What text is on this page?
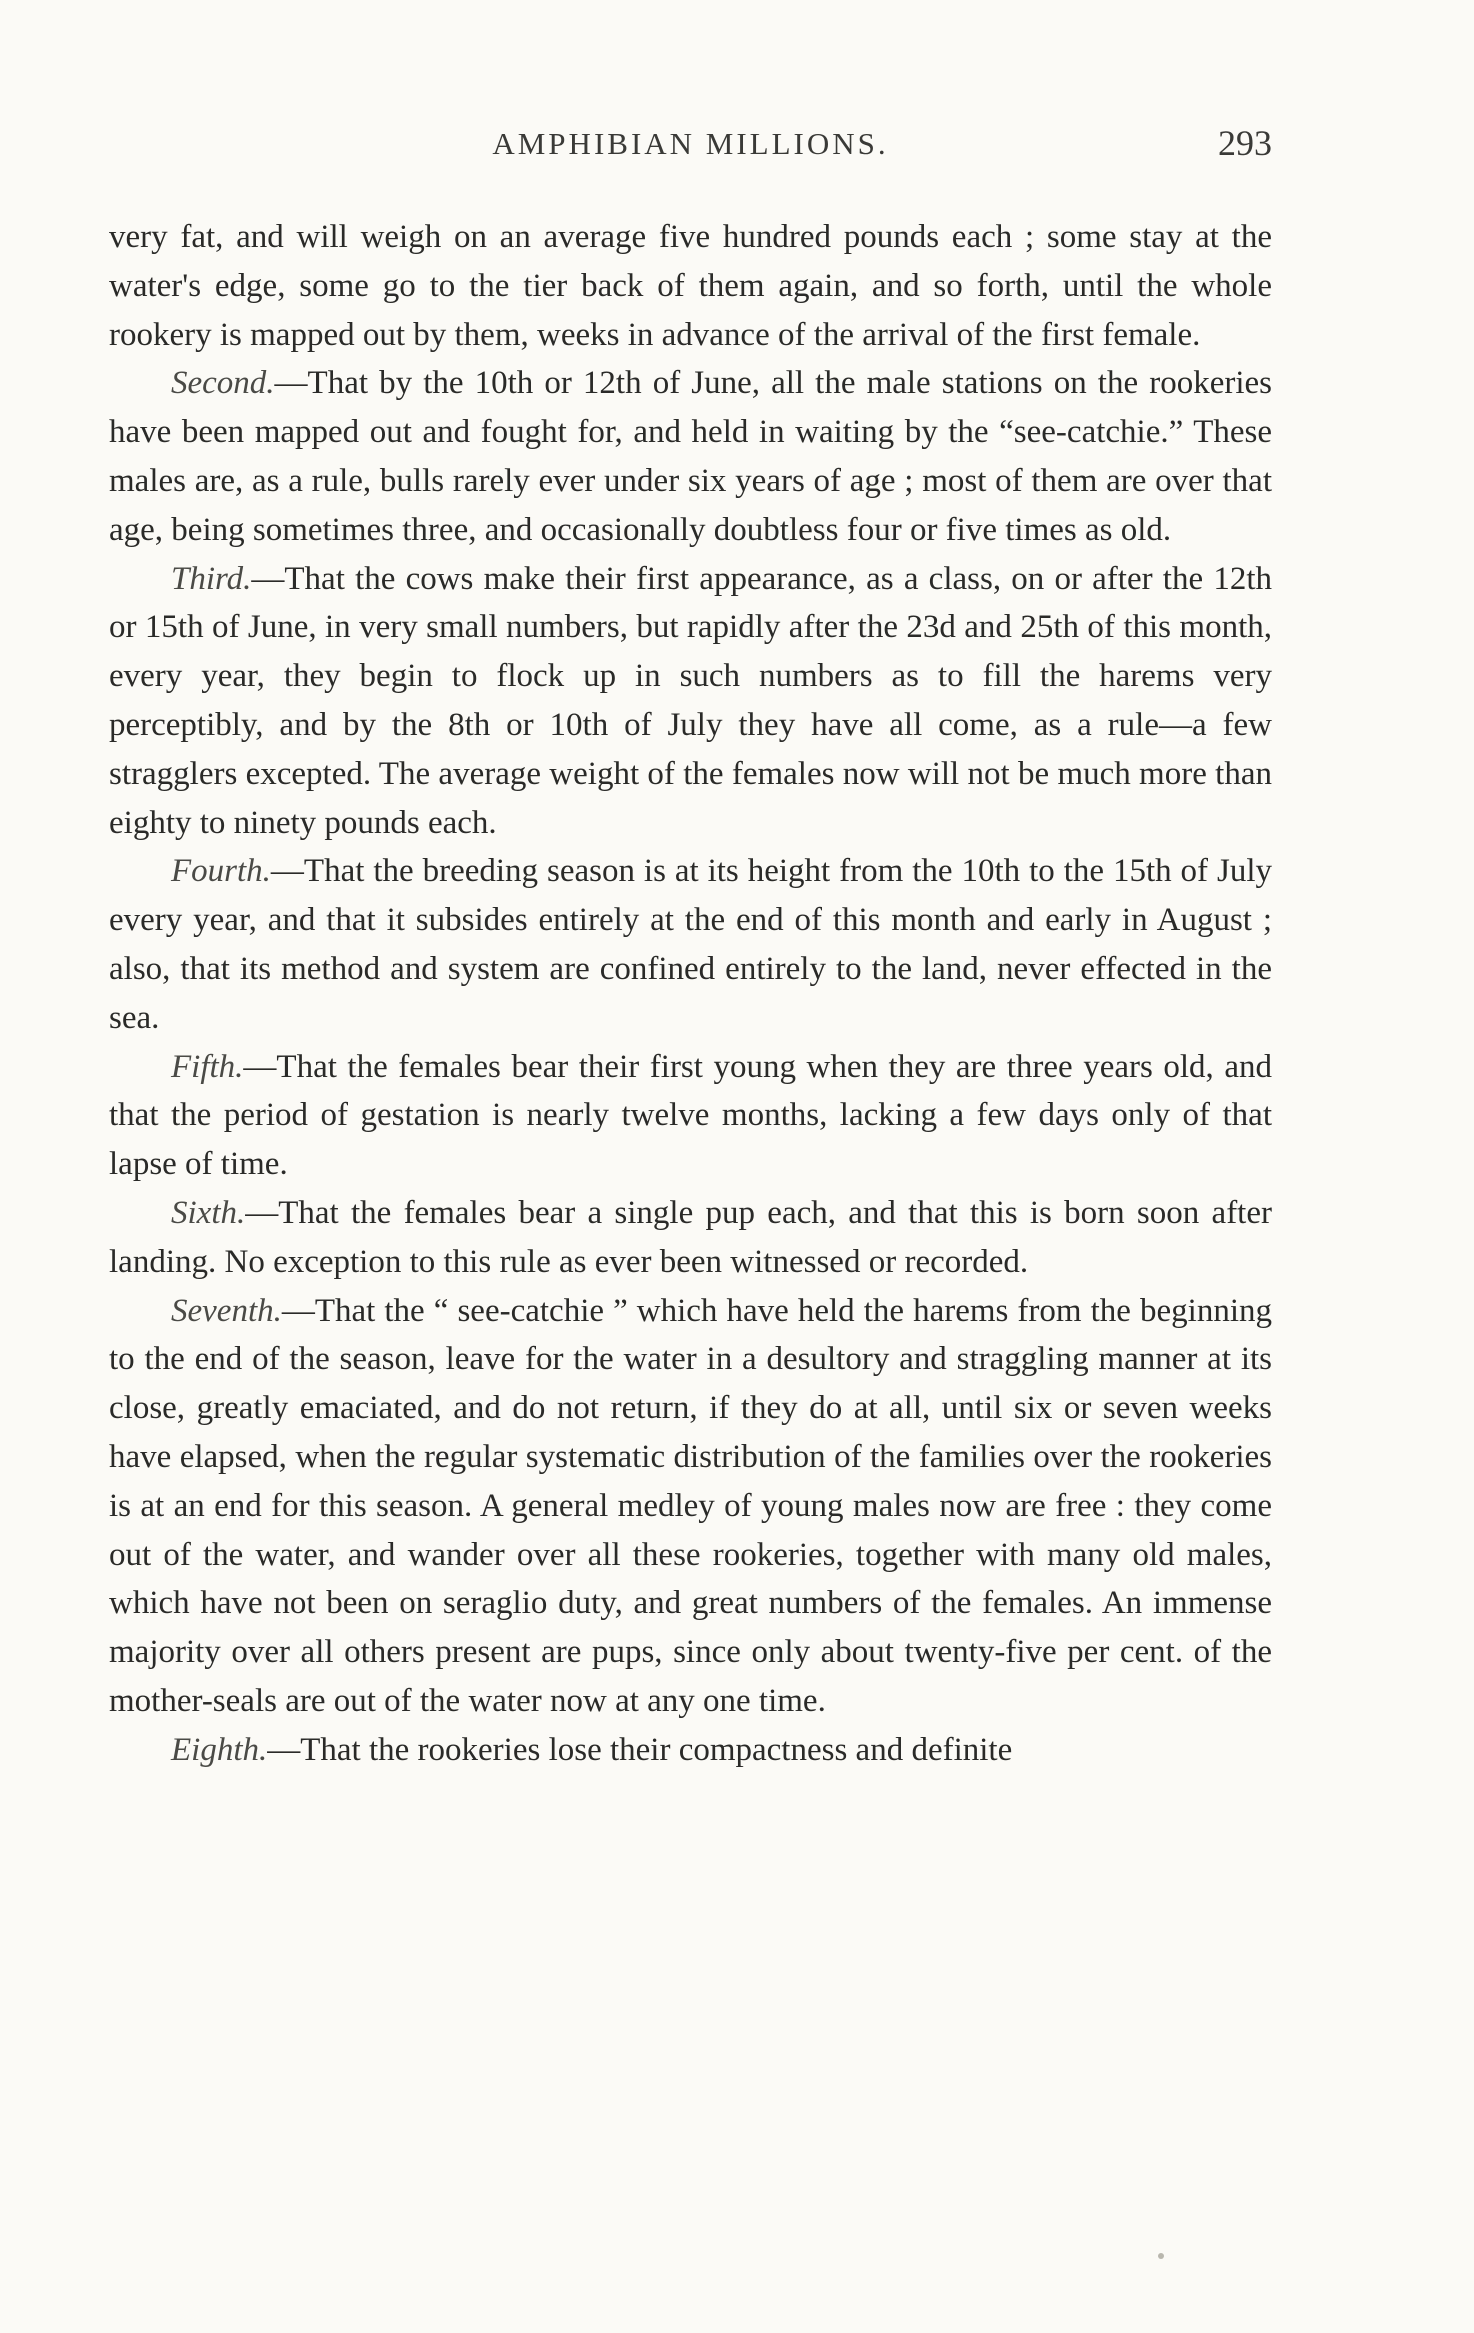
AMPHIBIAN MILLIONS.	293

very fat, and will weigh on an average five hundred pounds each ; some stay at the water's edge, some go to the tier back of them again, and so forth, until the whole rookery is mapped out by them, weeks in advance of the arrival of the first female.

Second.—That by the 10th or 12th of June, all the male stations on the rookeries have been mapped out and fought for, and held in waiting by the “see-catchie.” These males are, as a rule, bulls rarely ever under six years of age ; most of them are over that age, being sometimes three, and occasionally doubtless four or five times as old.

Third.—That the cows make their first appearance, as a class, on or after the 12th or 15th of June, in very small numbers, but rapidly after the 23d and 25th of this month, every year, they begin to flock up in such numbers as to fill the harems very perceptibly, and by the 8th or 10th of July they have all come, as a rule—a few stragglers excepted. The average weight of the females now will not be much more than eighty to ninety pounds each.

Fourth.—That the breeding season is at its height from the 10th to the 15th of July every year, and that it subsides entirely at the end of this month and early in August ; also, that its method and system are confined entirely to the land, never effected in the sea.

Fifth.—That the females bear their first young when they are three years old, and that the period of gestation is nearly twelve months, lacking a few days only of that lapse of time.

Sixth.—That the females bear a single pup each, and that this is born soon after landing. No exception to this rule as ever been witnessed or recorded.

Seventh.—That the “ see-catchie ” which have held the harems from the beginning to the end of the season, leave for the water in a desultory and straggling manner at its close, greatly emaciated, and do not return, if they do at all, until six or seven weeks have elapsed, when the regular systematic distribution of the families over the rookeries is at an end for this season. A general medley of young males now are free : they come out of the water, and wander over all these rookeries, together with many old males, which have not been on seraglio duty, and great numbers of the females. An immense majority over all others present are pups, since only about twenty-five per cent. of the mother-seals are out of the water now at any one time.

Eighth.—That the rookeries lose their compactness and definite
